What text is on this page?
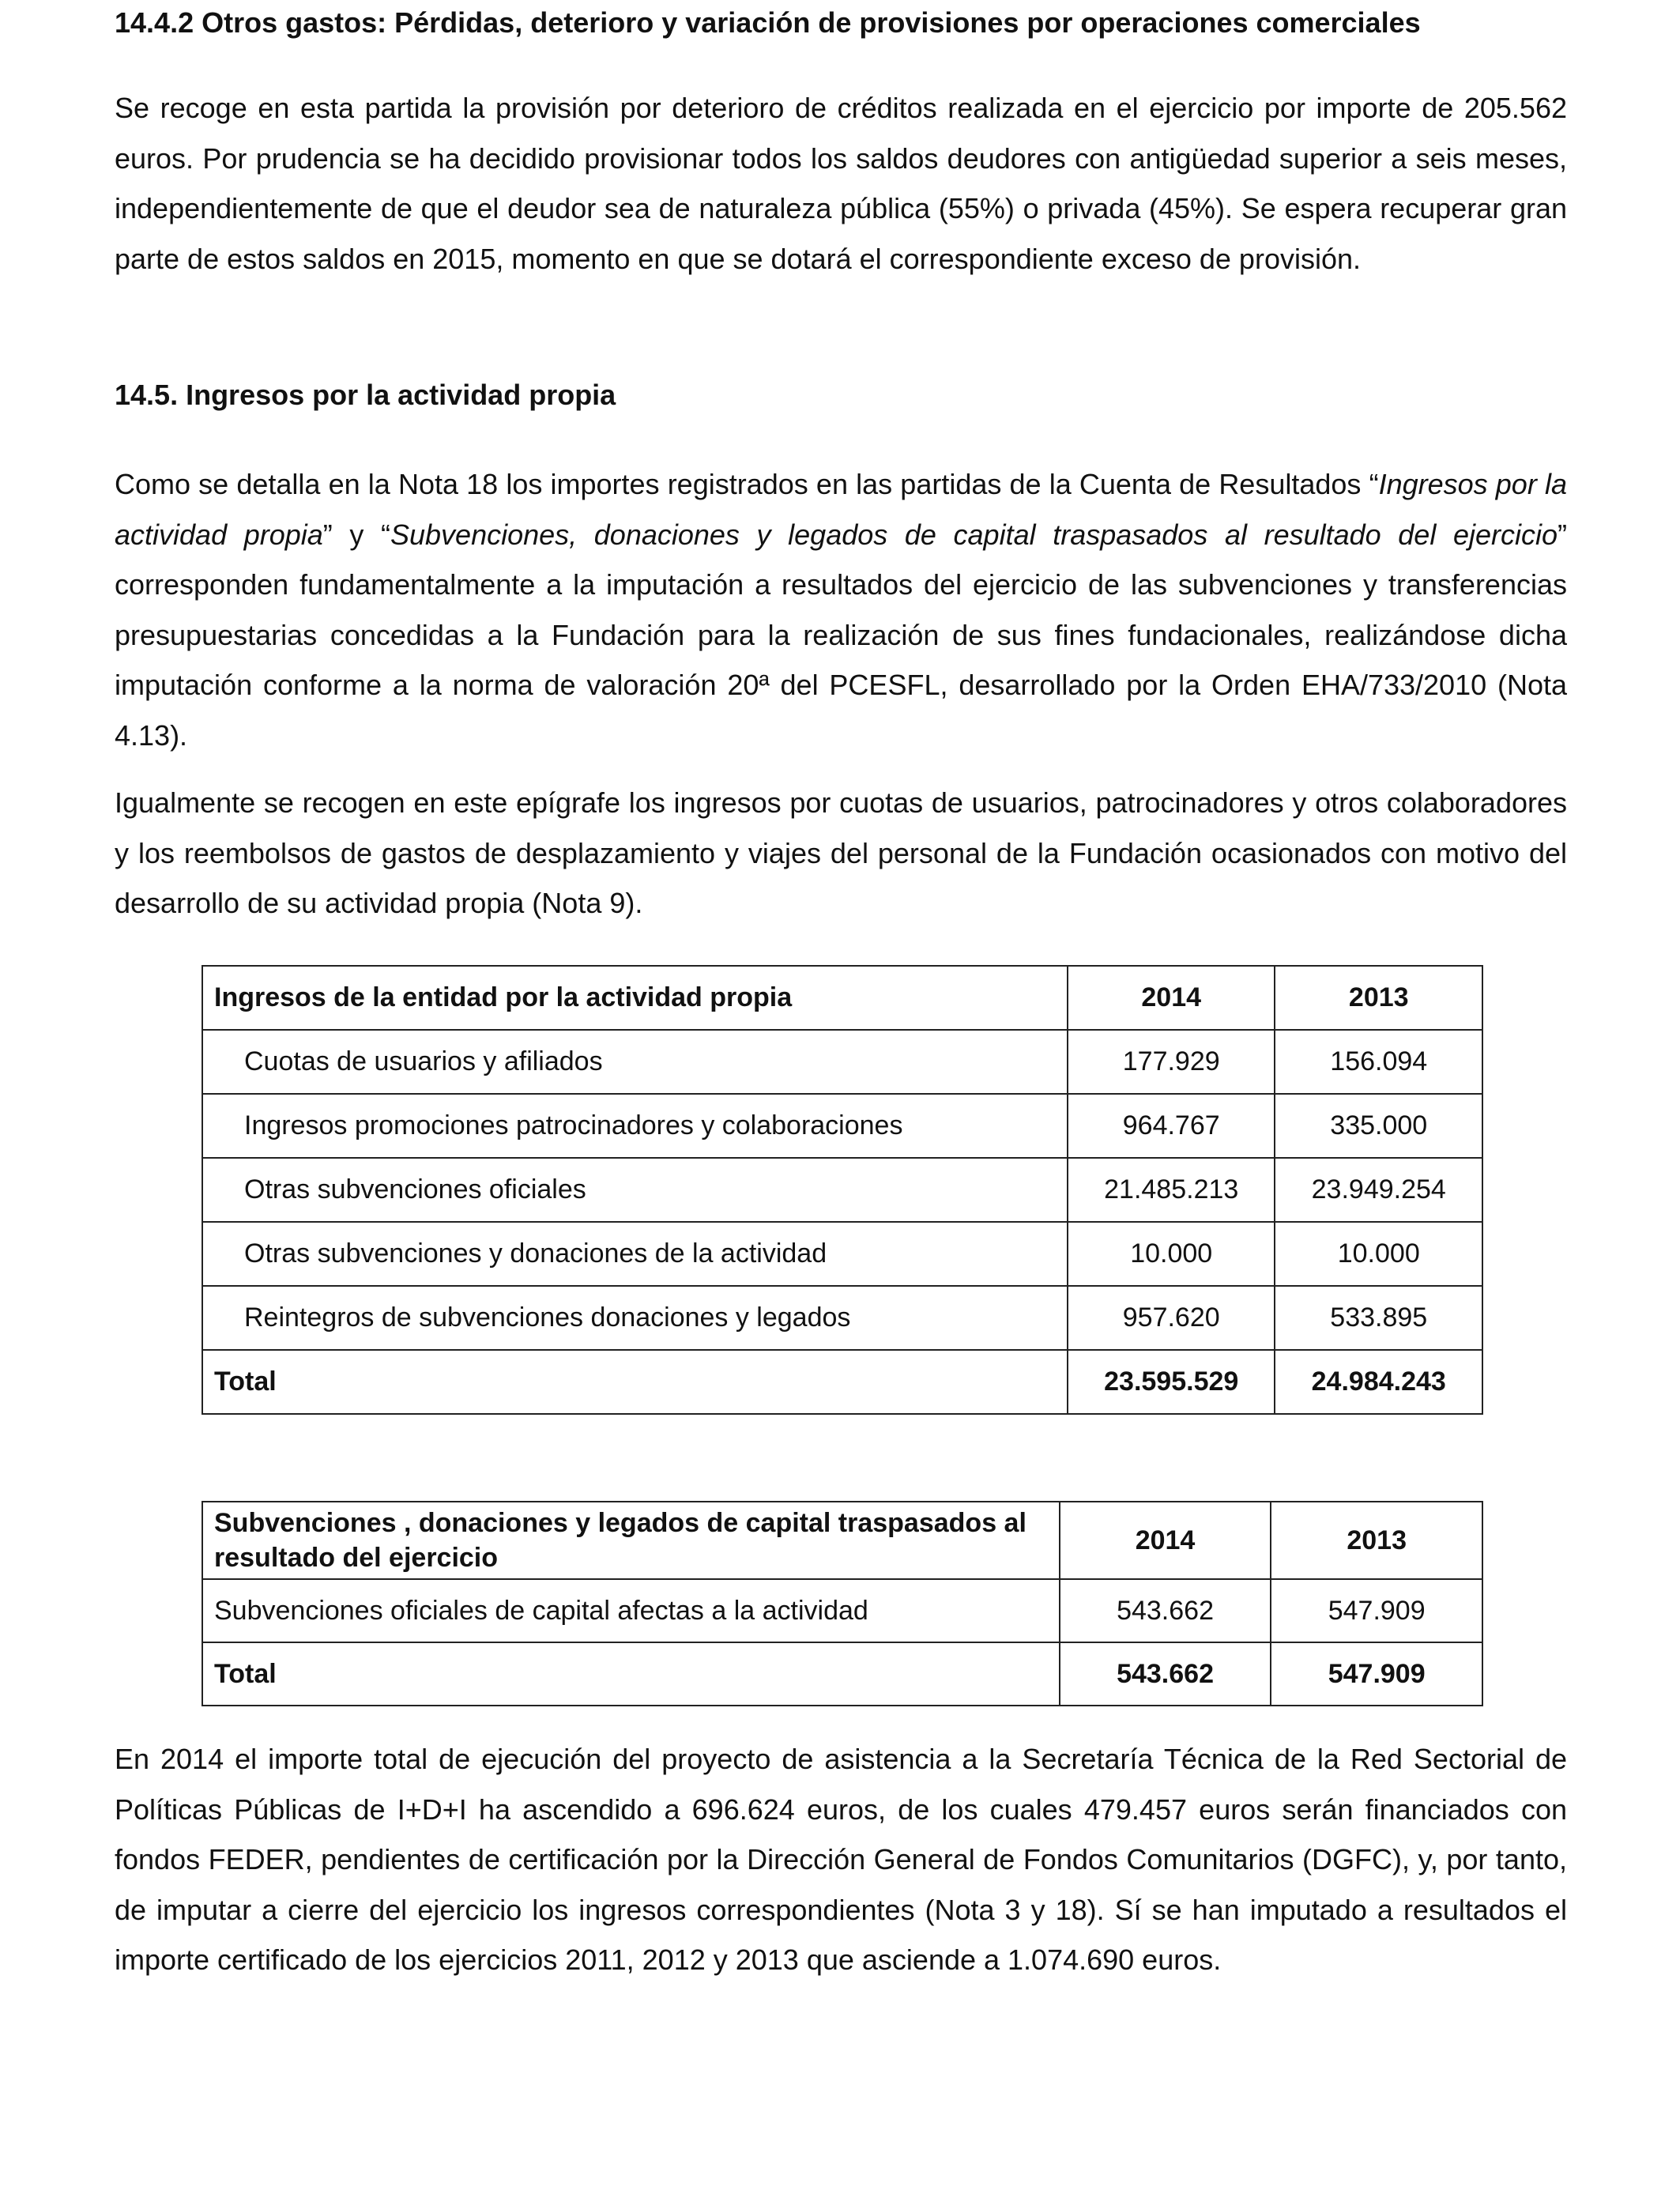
14.4.2 Otros gastos: Pérdidas, deterioro y variación de provisiones por operaciones comerciales

Se recoge en esta partida la provisión por deterioro de créditos realizada en el ejercicio por importe de 205.562 euros. Por prudencia se ha decidido provisionar todos los saldos deudores con antigüedad superior a seis meses, independientemente de que el deudor sea de naturaleza pública (55%) o privada (45%). Se espera recuperar gran parte de estos saldos en 2015, momento en que se dotará el correspondiente exceso de provisión.

14.5. Ingresos por la actividad propia

Como se detalla en la Nota 18 los importes registrados en las partidas de la Cuenta de Resultados “Ingresos por la actividad propia” y “Subvenciones, donaciones y legados de capital traspasados al resultado del ejercicio” corresponden fundamentalmente a la imputación a resultados del ejercicio de las subvenciones y transferencias presupuestarias concedidas a la Fundación para la realización de sus fines fundacionales, realizándose dicha imputación conforme a la norma de valoración 20ª del PCESFL, desarrollado por la Orden EHA/733/2010 (Nota 4.13).

Igualmente se recogen en este epígrafe los ingresos por cuotas de usuarios, patrocinadores y otros colaboradores y los reembolsos de gastos de desplazamiento y viajes del personal de la Fundación ocasionados con motivo del desarrollo de su actividad propia (Nota 9).

Ingresos de la entidad por la actividad propia	2014	2013
Cuotas de usuarios y afiliados	177.929	156.094
Ingresos promociones patrocinadores y colaboraciones	964.767	335.000
Otras subvenciones oficiales	21.485.213	23.949.254
Otras subvenciones y donaciones de la actividad	10.000	10.000
Reintegros de subvenciones donaciones y legados	957.620	533.895
Total	23.595.529	24.984.243
Subvenciones , donaciones y legados de capital traspasados al resultado del ejercicio	2014	2013
Subvenciones oficiales de capital afectas a la actividad	543.662	547.909
Total	543.662	547.909

En 2014 el importe total de ejecución del proyecto de asistencia a la Secretaría Técnica de la Red Sectorial de Políticas Públicas de I+D+I ha ascendido a 696.624 euros, de los cuales 479.457 euros serán financiados con fondos FEDER, pendientes de certificación por la Dirección General de Fondos Comunitarios (DGFC), y, por tanto, de imputar a cierre del ejercicio los ingresos correspondientes (Nota 3 y 18). Sí se han imputado a resultados el importe certificado de los ejercicios 2011, 2012 y 2013 que asciende a 1.074.690 euros.
